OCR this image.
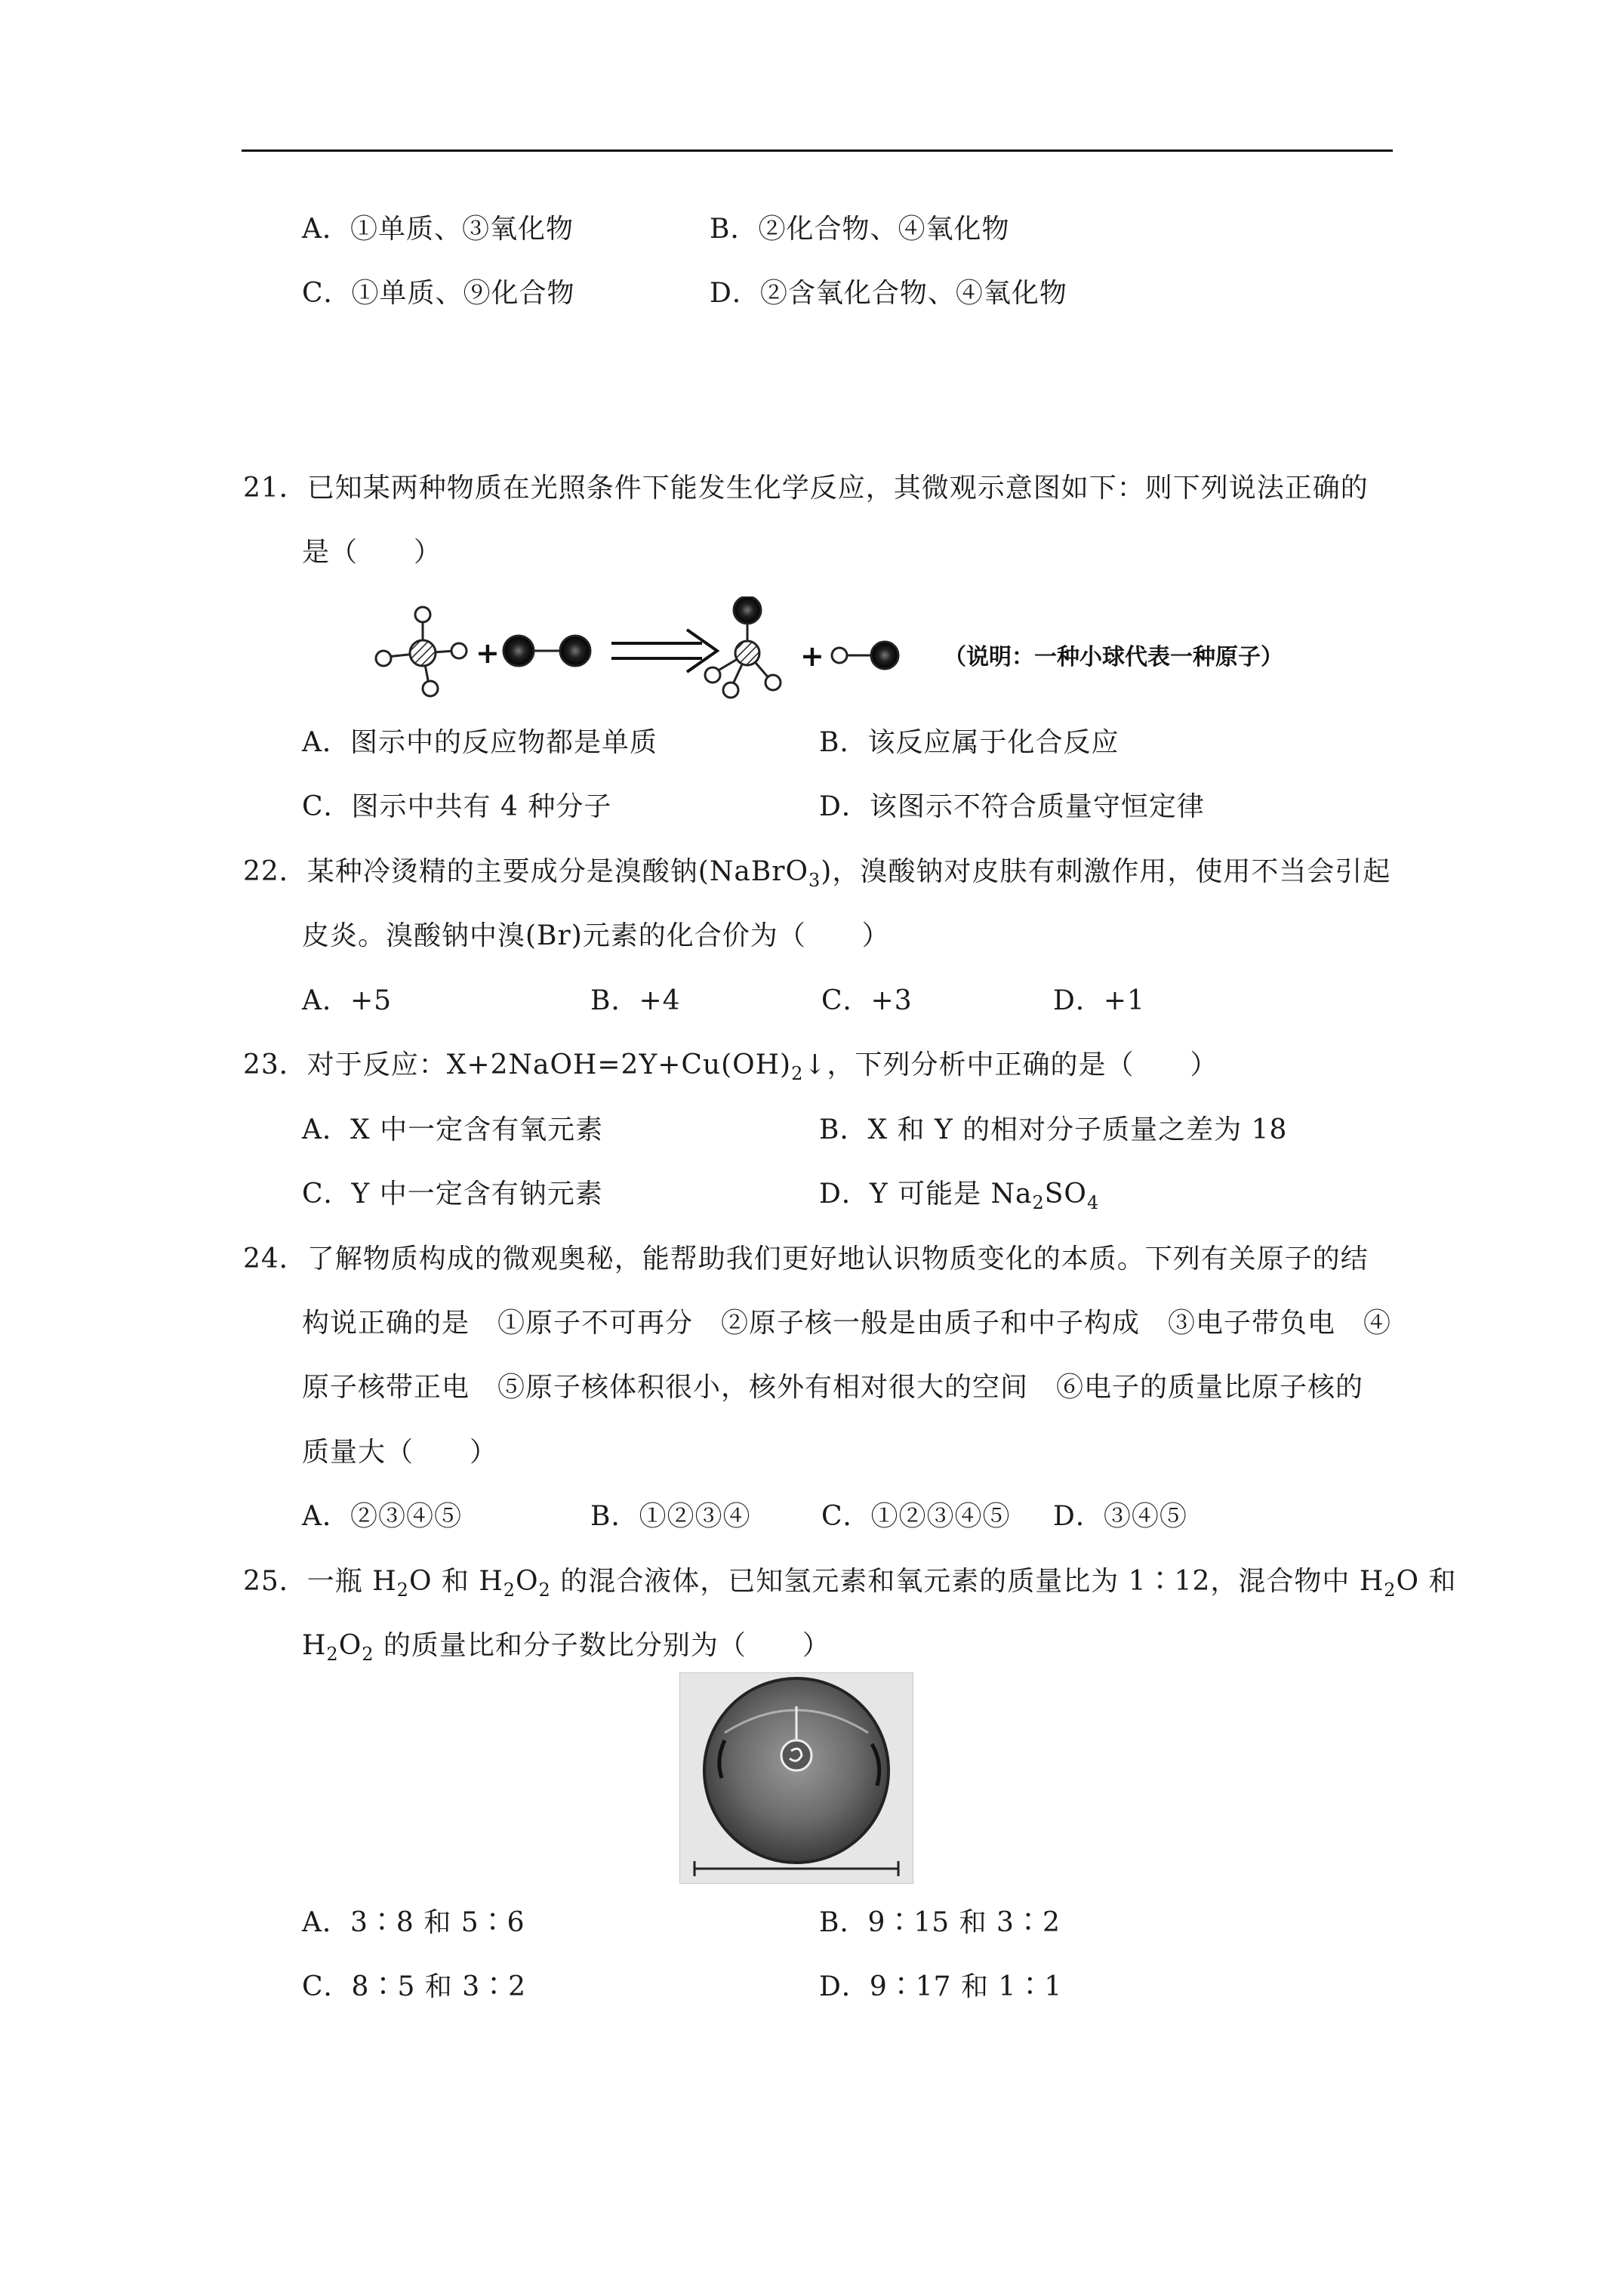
A．①单质、③氧化物	B．②化合物、④氧化物
C．①单质、⑨化合物	D．②含氧化合物、④氧化物
21．已知某两种物质在光照条件下能发生化学反应，其微观示意图如下：则下列说法正确的
是（　　）
+	+	（说明：一种小球代表一种原子）
A．图示中的反应物都是单质	B．该反应属于化合反应
C．图示中共有 4 种分子	D．该图示不符合质量守恒定律
22．某种冷烫精的主要成分是溴酸钠(NaBrO$_3$)，溴酸钠对皮肤有刺激作用，使用不当会引起
皮炎。溴酸钠中溴(Br)元素的化合价为（　　）
A．+5	B．+4	C．+3	D．+1
23．对于反应：$X+2NaOH=2Y+Cu(OH)_2↓$，下列分析中正确的是（　　）
A．X 中一定含有氧元素	B．X 和 Y 的相对分子质量之差为 18
C．Y 中一定含有钠元素	D．Y 可能是 $Na_2SO_4$
24．了解物质构成的微观奥秘，能帮助我们更好地认识物质变化的本质。下列有关原子的结
构说正确的是　①原子不可再分　②原子核一般是由质子和中子构成　③电子带负电　④
原子核带正电　⑤原子核体积很小，核外有相对很大的空间　⑥电子的质量比原子核的
质量大（　　）
A．②③④⑤	B．①②③④	C．①②③④⑤ D．③④⑤
25．一瓶 $H_2O$ 和 $H_2O_2$ 的混合液体，已知氢元素和氧元素的质量比为 1∶12，混合物中 $H_2O$ 和
$H_2O_2$ 的质量比和分子数比分别为（　　）
A．3∶8 和 5∶6	B．9∶15 和 3∶2
C．8∶5 和 3∶2	D．9∶17 和 1∶1
